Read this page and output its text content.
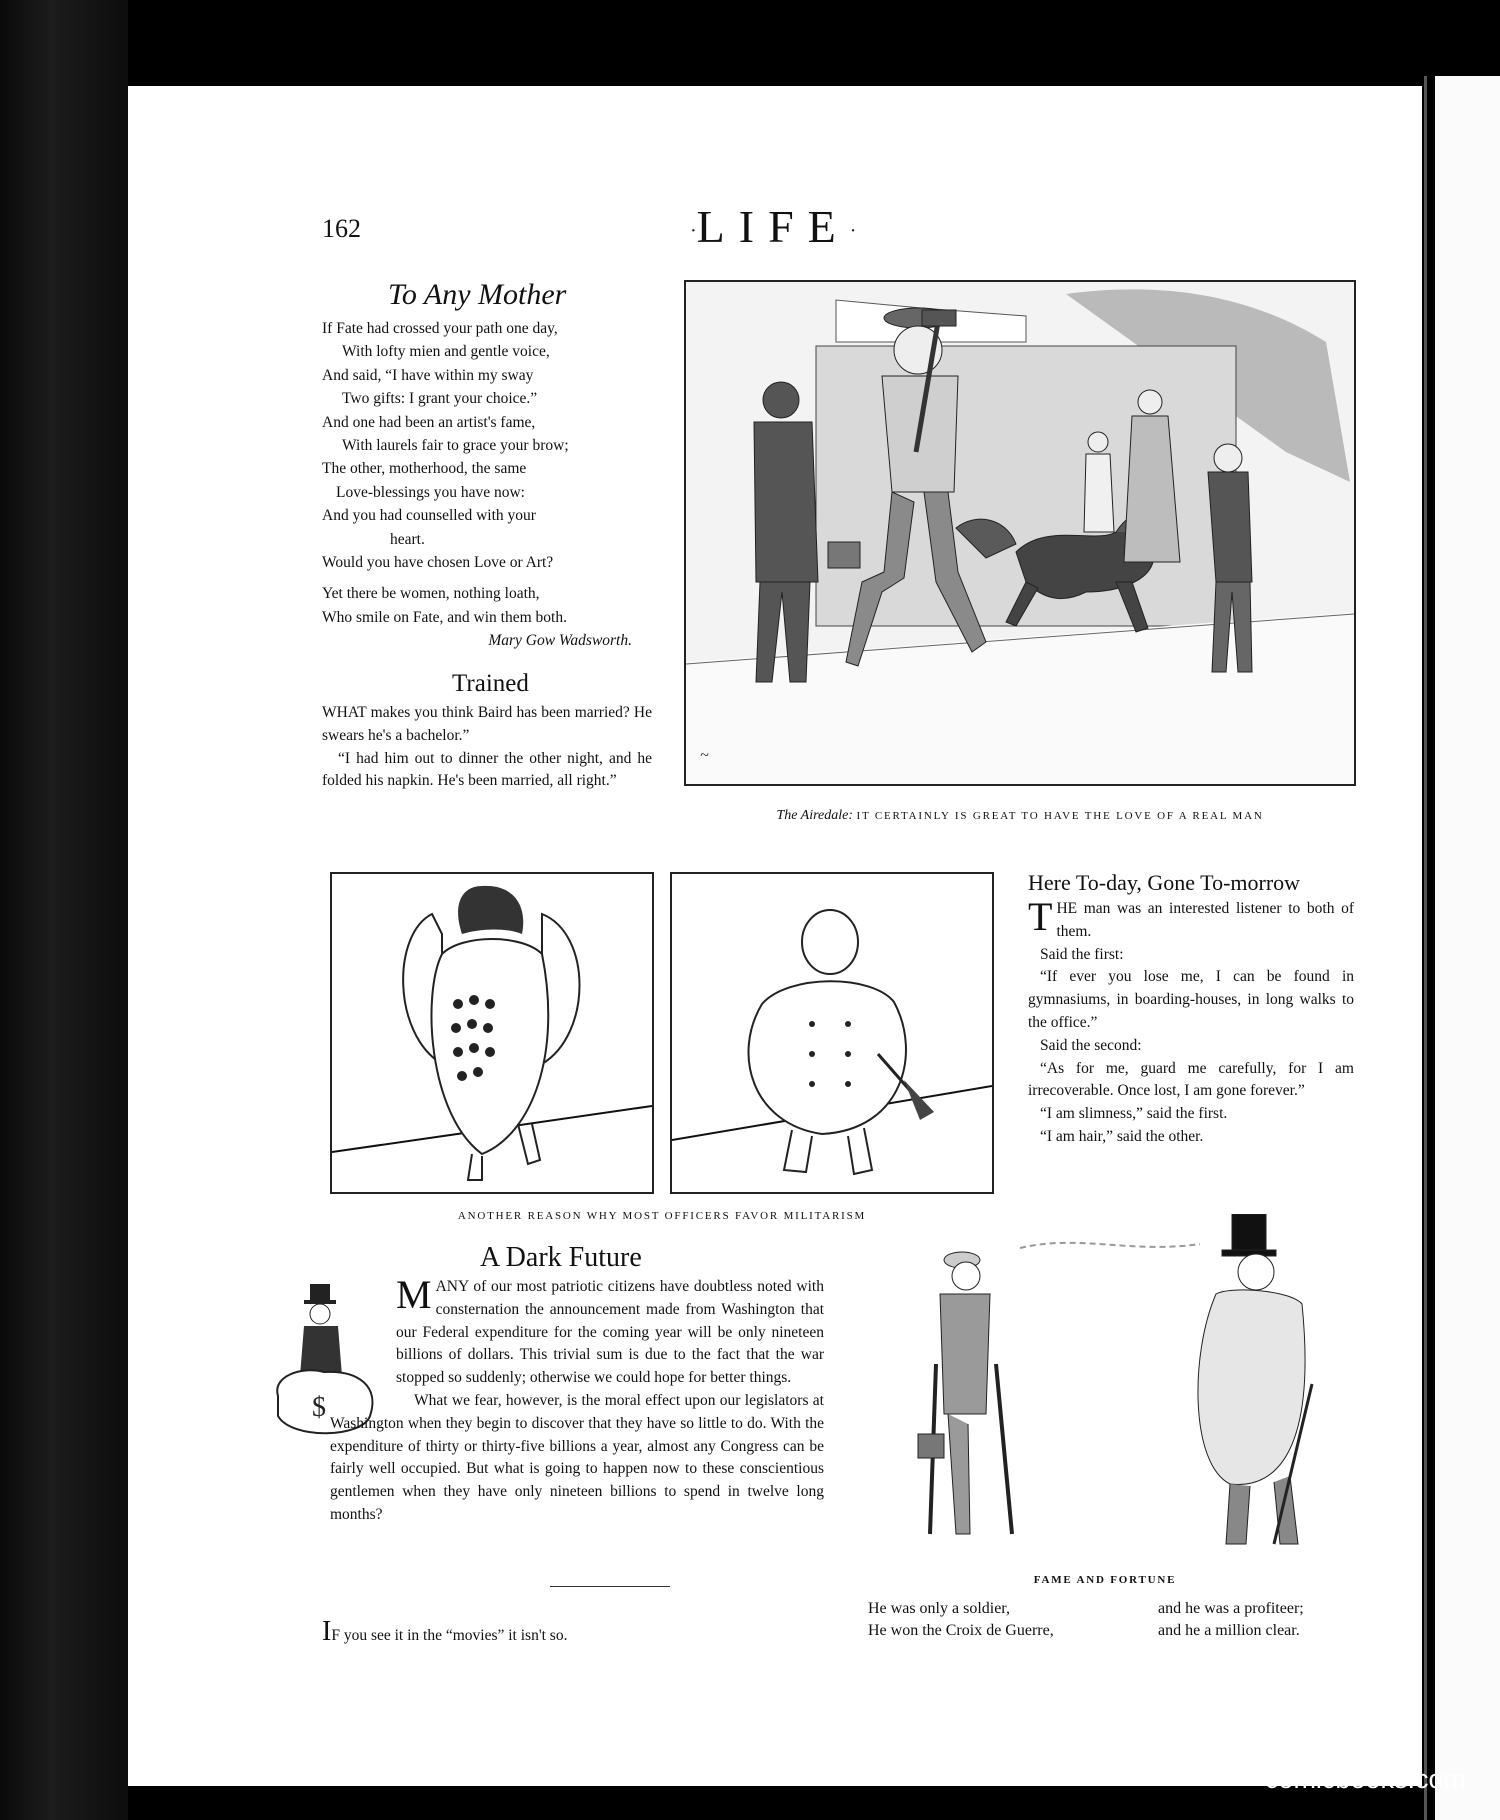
162	·LIFE·
To Any Mother
If Fate had crossed your path one day,
With lofty mien and gentle voice,
And said, “I have within my sway
Two gifts: I grant your choice.”
And one had been an artist's fame,
With laurels fair to grace your brow;
The other, motherhood, the same
Love-blessings you have now:
And you had counselled with your
heart.
Would you have chosen Love or Art?
Yet there be women, nothing loath,
Who smile on Fate, and win them both.
Mary Gow Wadsworth.
Trained

WHAT makes you think Baird has been married? He swears he's a bachelor.”

“I had him out to dinner the other night, and he folded his napkin. He's been married, all right.”

~
The Airedale: IT CERTAINLY IS GREAT TO HAVE THE LOVE OF A REAL MAN
ANOTHER REASON WHY MOST OFFICERS FAVOR MILITARISM
Here To-day, Gone To-morrow

THE man was an interested listener to both of them.

Said the first:

“If ever you lose me, I can be found in gymnasiums, in boarding-houses, in long walks to the office.”

Said the second:

“As for me, guard me carefully, for I am irrecoverable. Once lost, I am gone forever.”

“I am slimness,” said the first.

“I am hair,” said the other.

A Dark Future
$

MANY of our most patriotic citizens have doubtless noted with consternation the announcement made from Washington that our Federal expenditure for the coming year will be only nineteen billions of dollars. This trivial sum is due to the fact that the war stopped so suddenly; otherwise we could hope for better things.

What we fear, however, is the moral effect upon our legislators at Washington when they begin to discover that they have so little to do. With the expenditure of thirty or thirty-five billions a year, almost any Congress can be fairly well occupied. But what is going to happen now to these conscientious gentlemen when they have only nineteen billions to spend in twelve long months?

IF you see it in the “movies” it isn't so.
FAME AND FORTUNE
He was only a soldier,
He won the Croix de Guerre,
and he was a profiteer;
and he a million clear.
comicbooks.com
